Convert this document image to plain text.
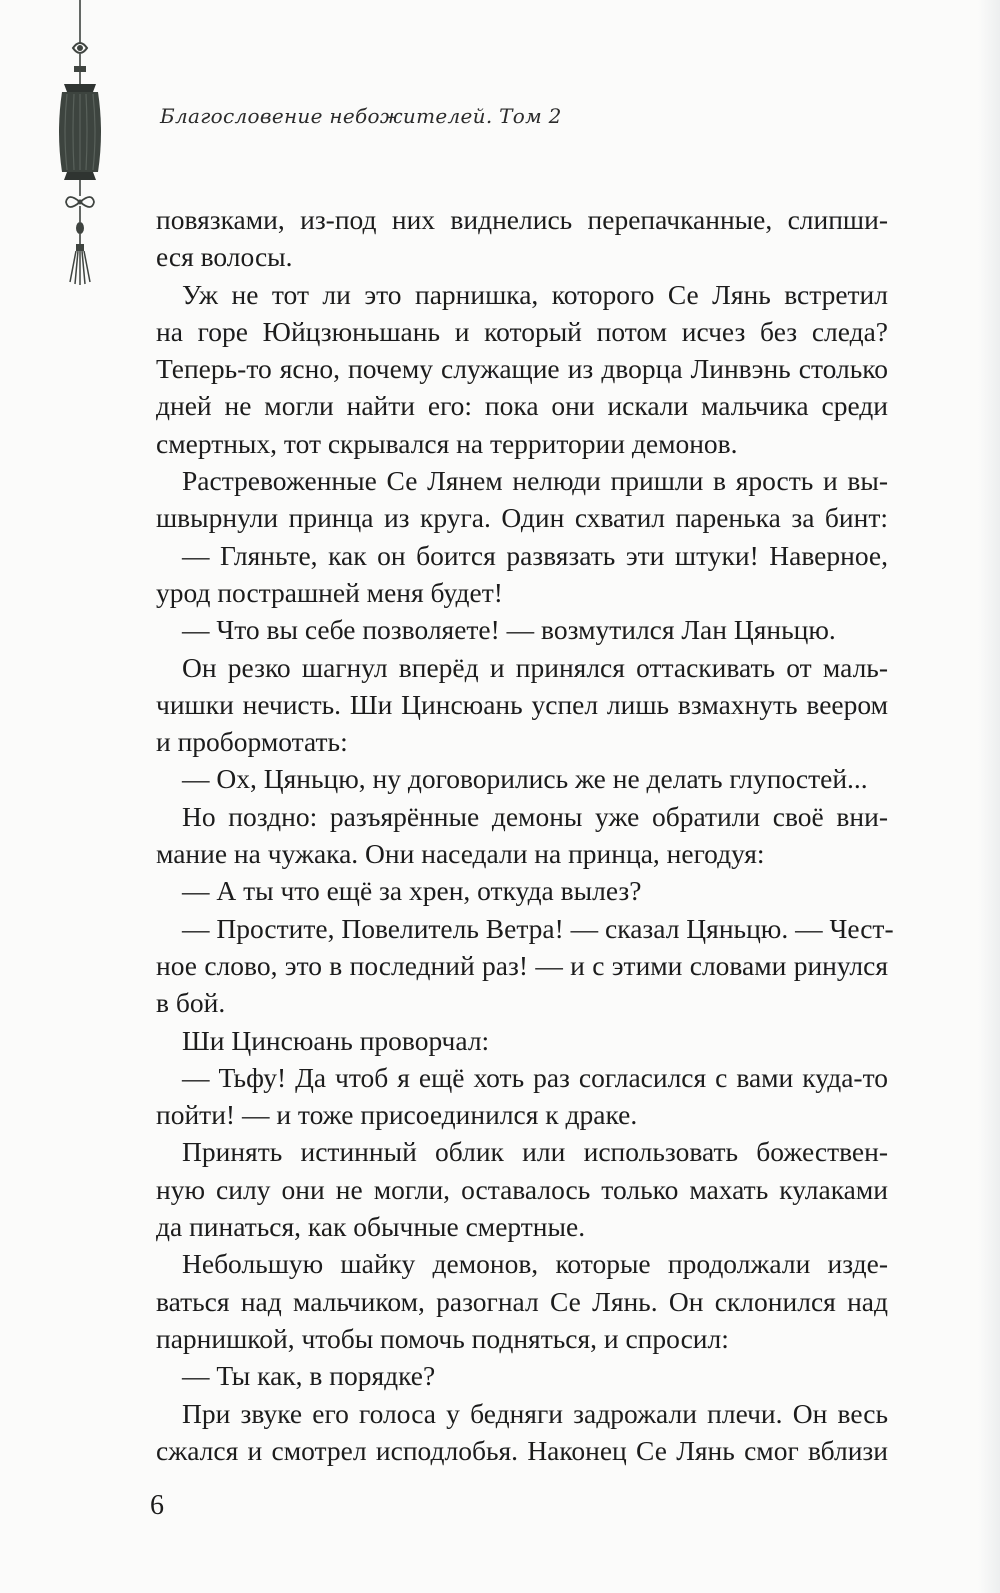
Благословение небожителей. Том 2
повязками, из-под них виднелись перепачканные, слипши-
еся волосы.
Уж не тот ли это парнишка, которого Се Лянь встретил
на горе Юйцзюньшань и который потом исчез без следа?
Теперь-то ясно, почему служащие из дворца Линвэнь столько
дней не могли найти его: пока они искали мальчика среди
смертных, тот скрывался на территории демонов.
Растревоженные Се Лянем нелюди пришли в ярость и вы-
швырнули принца из круга. Один схватил паренька за бинт:
— Гляньте, как он боится развязать эти штуки! Наверное,
урод пострашней меня будет!
— Что вы себе позволяете! — возмутился Лан Цяньцю.
Он резко шагнул вперёд и принялся оттаскивать от маль-
чишки нечисть. Ши Цинсюань успел лишь взмахнуть веером
и пробормотать:
— Ох, Цяньцю, ну договорились же не делать глупостей...
Но поздно: разъярённые демоны уже обратили своё вни-
мание на чужака. Они наседали на принца, негодуя:
— А ты что ещё за хрен, откуда вылез?
— Простите, Повелитель Ветра! — сказал Цяньцю. — Чест-
ное слово, это в последний раз! — и с этими словами ринулся
в бой.
Ши Цинсюань проворчал:
— Тьфу! Да чтоб я ещё хоть раз согласился с вами куда-то
пойти! — и тоже присоединился к драке.
Принять истинный облик или использовать божествен-
ную силу они не могли, оставалось только махать кулаками
да пинаться, как обычные смертные.
Небольшую шайку демонов, которые продолжали изде-
ваться над мальчиком, разогнал Се Лянь. Он склонился над
парнишкой, чтобы помочь подняться, и спросил:
— Ты как, в порядке?
При звуке его голоса у бедняги задрожали плечи. Он весь
сжался и смотрел исподлобья. Наконец Се Лянь смог вблизи
6
